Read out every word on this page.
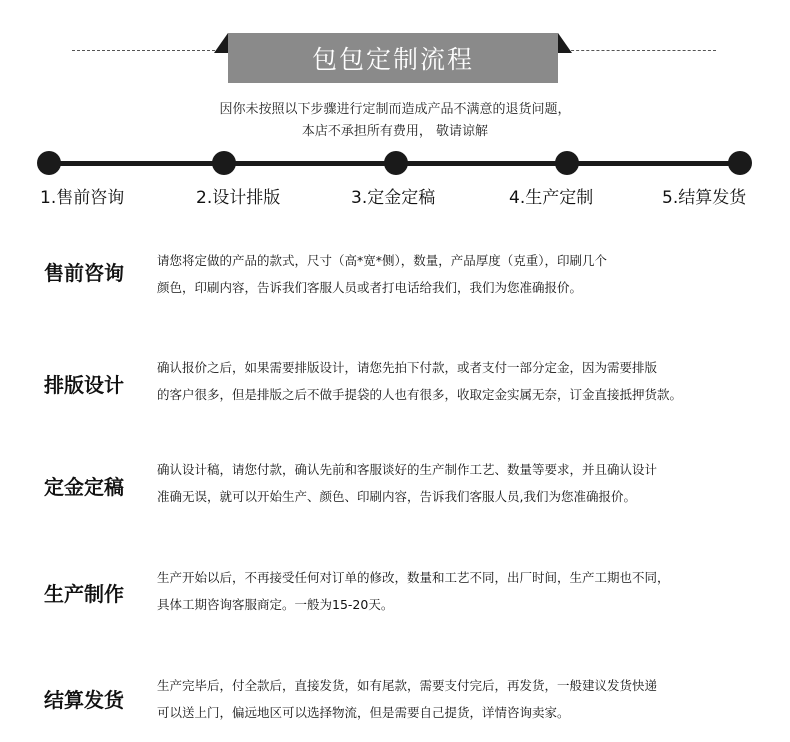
包包定制流程
因你未按照以下步骤进行定制而造成产品不满意的退货问题，
本店不承担所有费用， 敬请谅解
1.售前咨询	2.设计排版	3.定金定稿	4.生产定制	5.结算发货
售前咨询
请您将定做的产品的款式，尺寸（高*宽*侧），数量，产品厚度（克重），印刷几个
颜色，印刷内容，告诉我们客服人员或者打电话给我们，我们为您准确报价。
排版设计
确认报价之后，如果需要排版设计，请您先拍下付款，或者支付一部分定金，因为需要排版
的客户很多，但是排版之后不做手提袋的人也有很多，收取定金实属无奈，订金直接抵押货款。
定金定稿
确认设计稿，请您付款，确认先前和客服谈好的生产制作工艺、数量等要求，并且确认设计
准确无误，就可以开始生产、颜色、印刷内容，告诉我们客服人员,我们为您准确报价。
生产制作
生产开始以后，不再接受任何对订单的修改，数量和工艺不同，出厂时间，生产工期也不同，
具体工期咨询客服商定。一般为15-20天。
结算发货
生产完毕后，付全款后，直接发货，如有尾款，需要支付完后，再发货，一般建议发货快递
可以送上门，偏远地区可以选择物流，但是需要自己提货，详情咨询卖家。
